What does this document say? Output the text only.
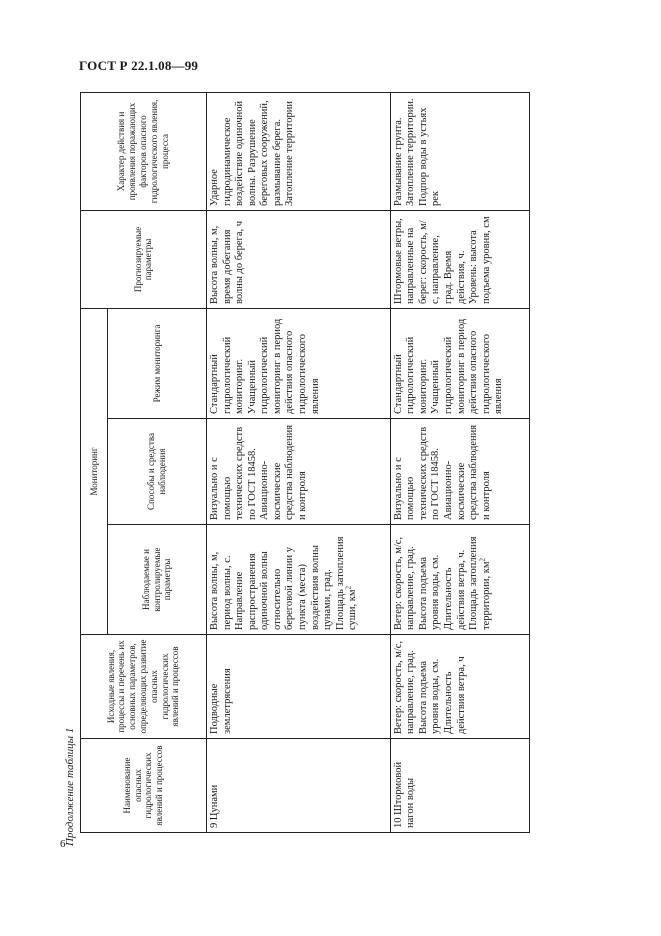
ГОСТ Р 22.1.08—99
Продолжение таблицы 1	Наименование опасных гидрологических явлений и процессов	Исходные явления, процессы и перечень их основных параметров, определяющих развитие опасных гидрологических явлений и процессов	Мониторинг			Прогнозируемые параметры	Характер действия и проявления поражающих факторов опасного гидрологического явления, процесса
		Наблюдаемые и контролируемые параметры	Способы и средства наблюдения	Режим мониторинга		
9 Цунами	Подводные землетрясения	Высота волны, м, период волны, с. Направление распространения одиночной волны относительно береговой линии у пункта (места) воздействия волны цунами, град. Площадь затопления суши, $км^2$	Визуально и с помощью технических средств по ГОСТ 18458. Авиационно-космические средства наблюдения и контроля	Стандартный гидрологический мониторинг. Учащенный гидрологический мониторинг в период действия опасного гидрологического явления	Высота волны, м, время добегания волны до берега, ч	Ударное гидродинамическое воздействие одиночной волны. Разрушение береговых сооружений, размывание берега. Затопление территории
10 Штормовой нагон воды	Ветер: скорость, м/с, направление, град. Высота подъема уровня воды, см. Длительность действия ветра, ч	Ветер: скорость, м/с, направление, град. Высота подъема уровня воды, см. Длительность действия ветра, ч. Площадь затопления территории, $км^2$	Визуально и с помощью технических средств по ГОСТ 18458. Авиационно-космические средства наблюдения и контроля	Стандартный гидрологический мониторинг. Учащенный гидрологический мониторинг в период действия опасного гидрологического явления	Штормовые ветры, направленные на берег: скорость, м/с, направление, град. Время действия, ч. Уровень: высота подъема уровня, см	Размывание грунта. Затопление территории. Подпор воды в устьях рек
6
